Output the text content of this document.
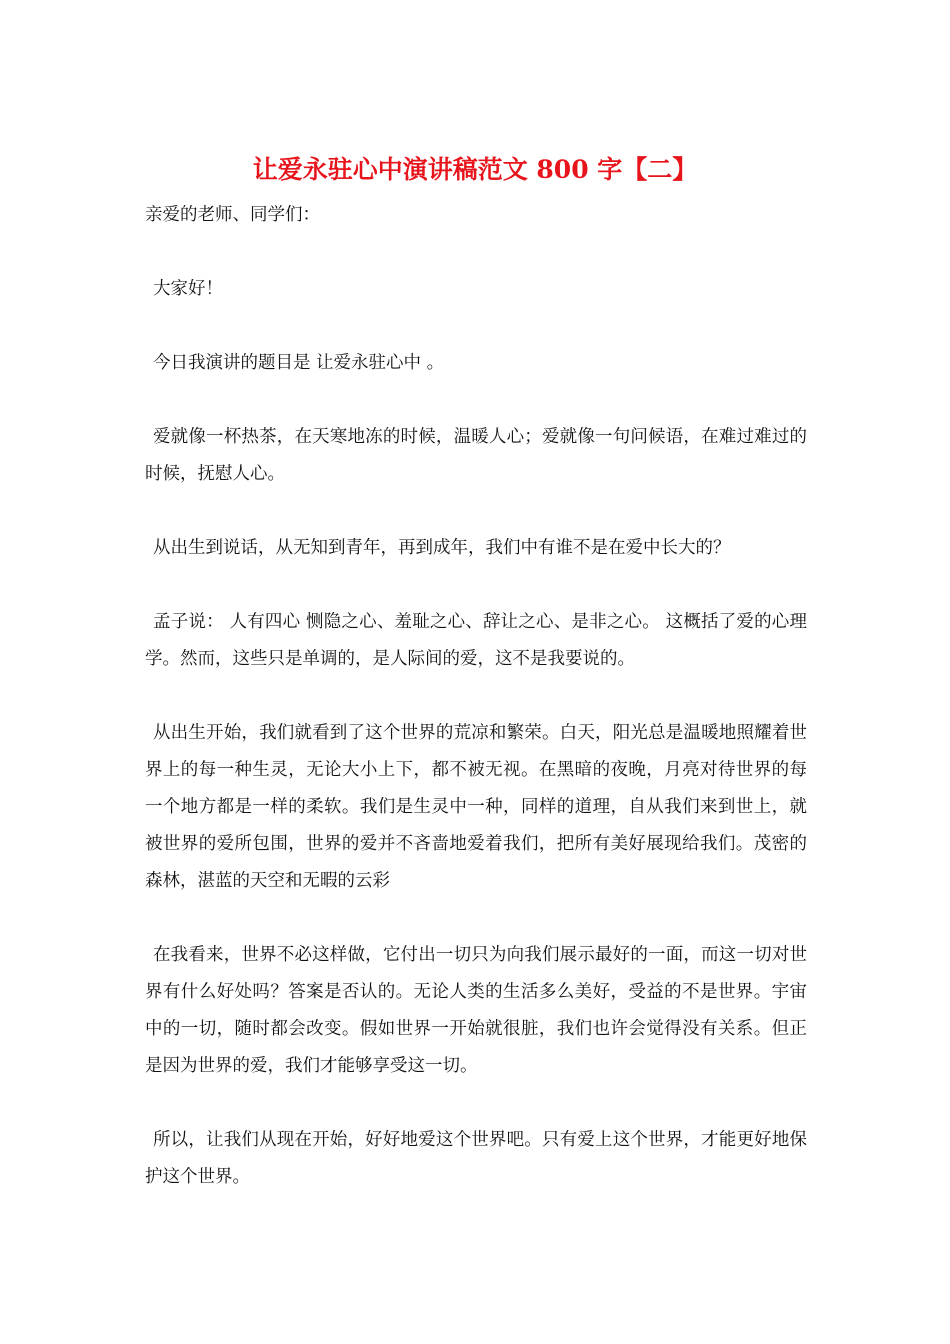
让爱永驻心中演讲稿范文 800 字【二】

亲爱的老师、同学们：

大家好！

今日我演讲的题目是 让爱永驻心中 。

爱就像一杯热茶，在天寒地冻的时候，温暖人心；爱就像一句问候语，在难过难过的时候，抚慰人心。

从出生到说话，从无知到青年，再到成年，我们中有谁不是在爱中长大的？

孟子说： 人有四心 恻隐之心、羞耻之心、辞让之心、是非之心。 这概括了爱的心理学。然而，这些只是单调的，是人际间的爱，这不是我要说的。

从出生开始，我们就看到了这个世界的荒凉和繁荣。白天，阳光总是温暖地照耀着世界上的每一种生灵，无论大小上下，都不被无视。在黑暗的夜晚，月亮对待世界的每一个地方都是一样的柔软。我们是生灵中一种，同样的道理，自从我们来到世上，就被世界的爱所包围，世界的爱并不吝啬地爱着我们，把所有美好展现给我们。茂密的森林，湛蓝的天空和无暇的云彩

在我看来，世界不必这样做，它付出一切只为向我们展示最好的一面，而这一切对世界有什么好处吗？答案是否认的。无论人类的生活多么美好，受益的不是世界。宇宙中的一切，随时都会改变。假如世界一开始就很脏，我们也许会觉得没有关系。但正是因为世界的爱，我们才能够享受这一切。

所以，让我们从现在开始，好好地爱这个世界吧。只有爱上这个世界，才能更好地保护这个世界。
